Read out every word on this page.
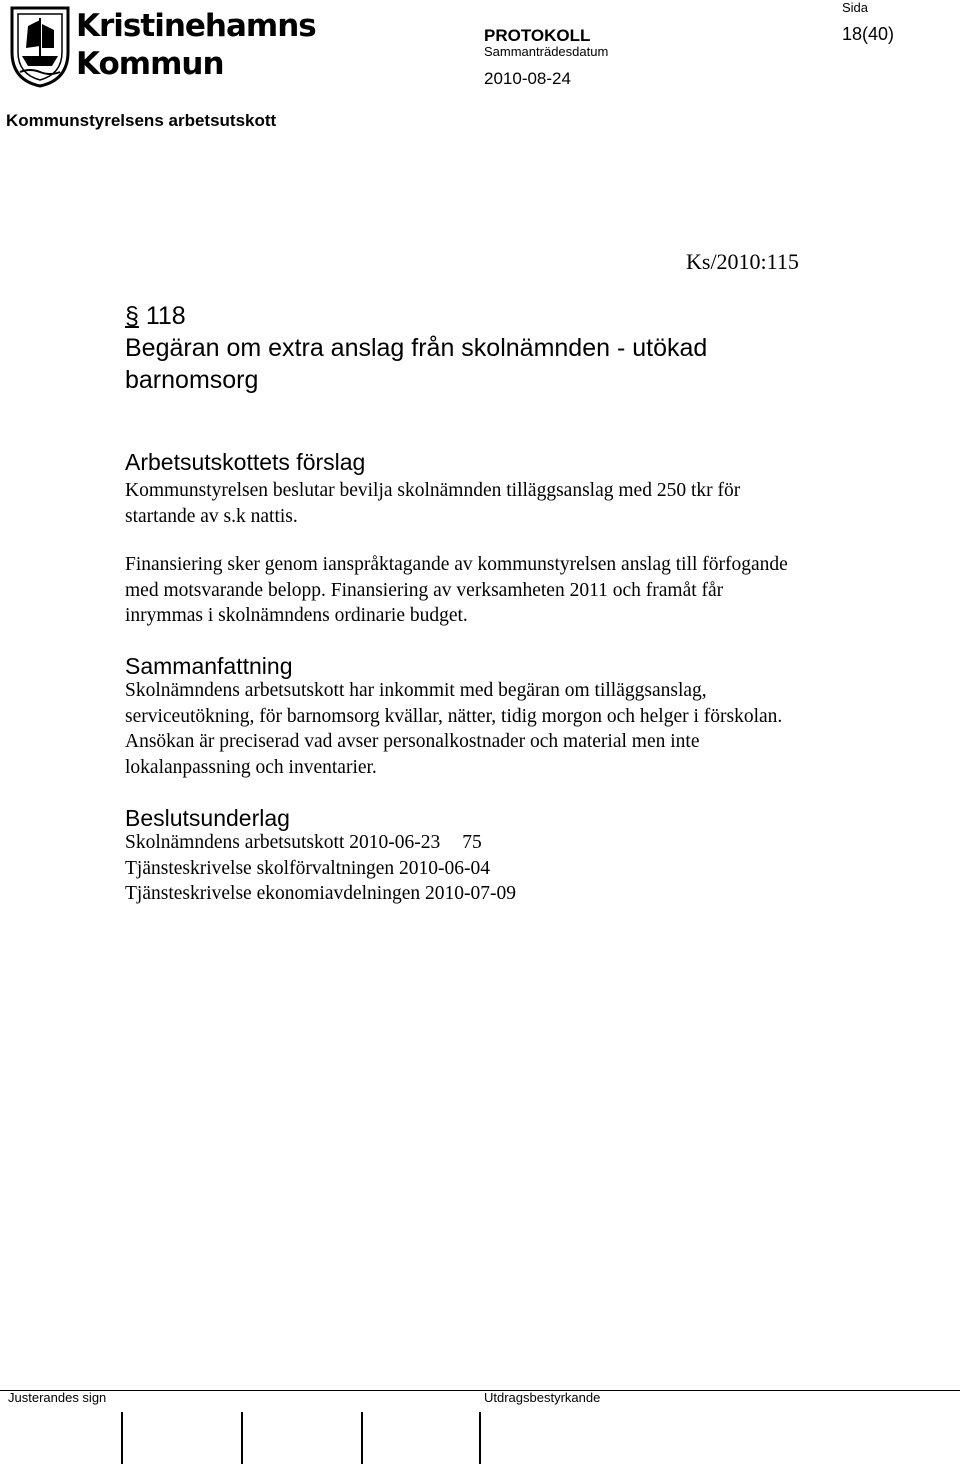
Kristinehamns
Kommun
PROTOKOLL
Sammanträdesdatum
2010-08-24
Sida
18(40)
Kommunstyrelsens arbetsutskott
Ks/2010:115
§ 118
Begäran om extra anslag från skolnämnden - utökad
barnomsorg
Arbetsutskottets förslag
Kommunstyrelsen beslutar bevilja skolnämnden tilläggsanslag med 250 tkr för startande av s.k nattis.
Finansiering sker genom ianspråktagande av kommunstyrelsen anslag till förfogande med motsvarande belopp. Finansiering av verksamheten 2011 och framåt får inrymmas i skolnämndens ordinarie budget.
Sammanfattning
Skolnämndens arbetsutskott har inkommit med begäran om tilläggsanslag, serviceutökning, för barnomsorg kvällar, nätter, tidig morgon och helger i förskolan. Ansökan är preciserad vad avser personalkostnader och material men inte lokalanpassning och inventarier.
Beslutsunderlag
Skolnämndens arbetsutskott 2010-06-23 75
Tjänsteskrivelse skolförvaltningen 2010-06-04
Tjänsteskrivelse ekonomiavdelningen 2010-07-09
Justerandes sign	Utdragsbestyrkande
